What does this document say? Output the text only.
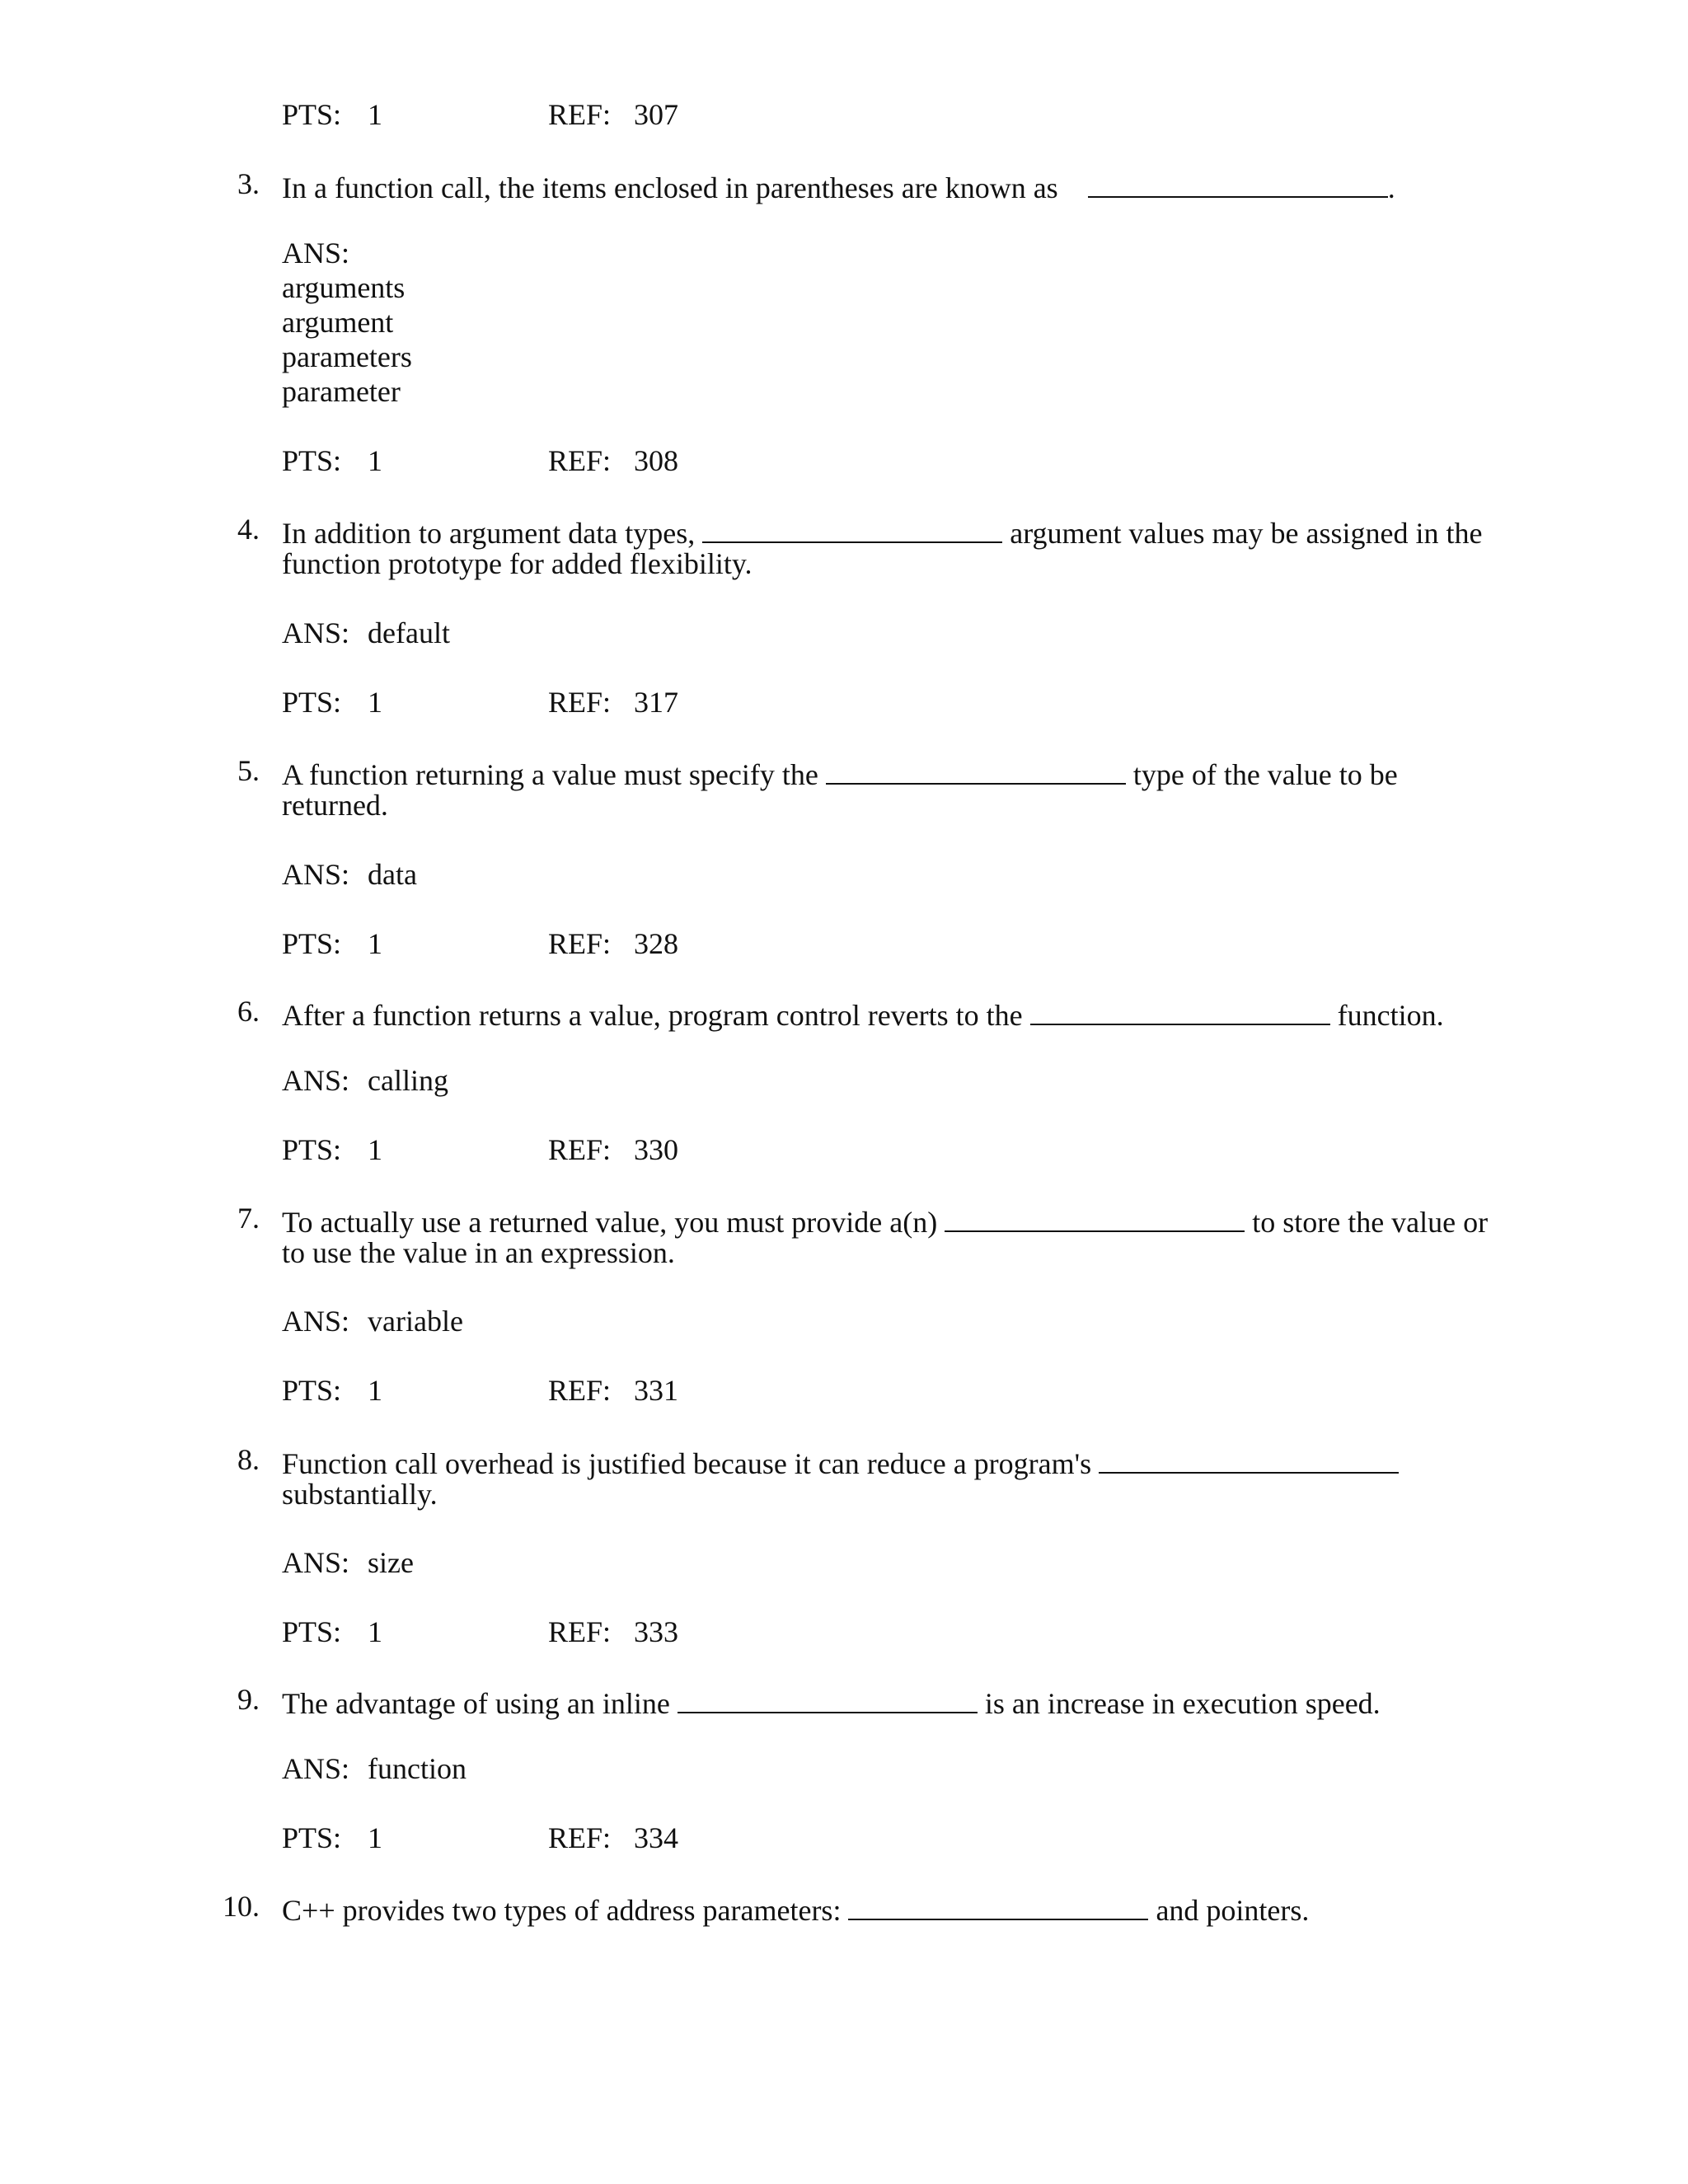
PTS: 1	REF: 307
3. In a function call, the items enclosed in parentheses are known as	.
ANS:
arguments
argument
parameters
parameter
PTS: 1	REF: 308
4. In addition to argument data types,	argument values may be assigned in the
function prototype for added flexibility.
ANS: default
PTS: 1	REF: 317
5. A function returning a value must specify the	type of the value to be
returned.
ANS: data
PTS: 1	REF: 328
6. After a function returns a value, program control reverts to the	function.
ANS: calling
PTS: 1	REF: 330
7. To actually use a returned value, you must provide a(n)	to store the value or
to use the value in an expression.
ANS: variable
PTS: 1	REF: 331
8. Function call overhead is justified because it can reduce a program's
substantially.
ANS: size
PTS: 1	REF: 333
9. The advantage of using an inline	is an increase in execution speed.
ANS: function
PTS: 1	REF: 334
10. C++ provides two types of address parameters:	and pointers.
